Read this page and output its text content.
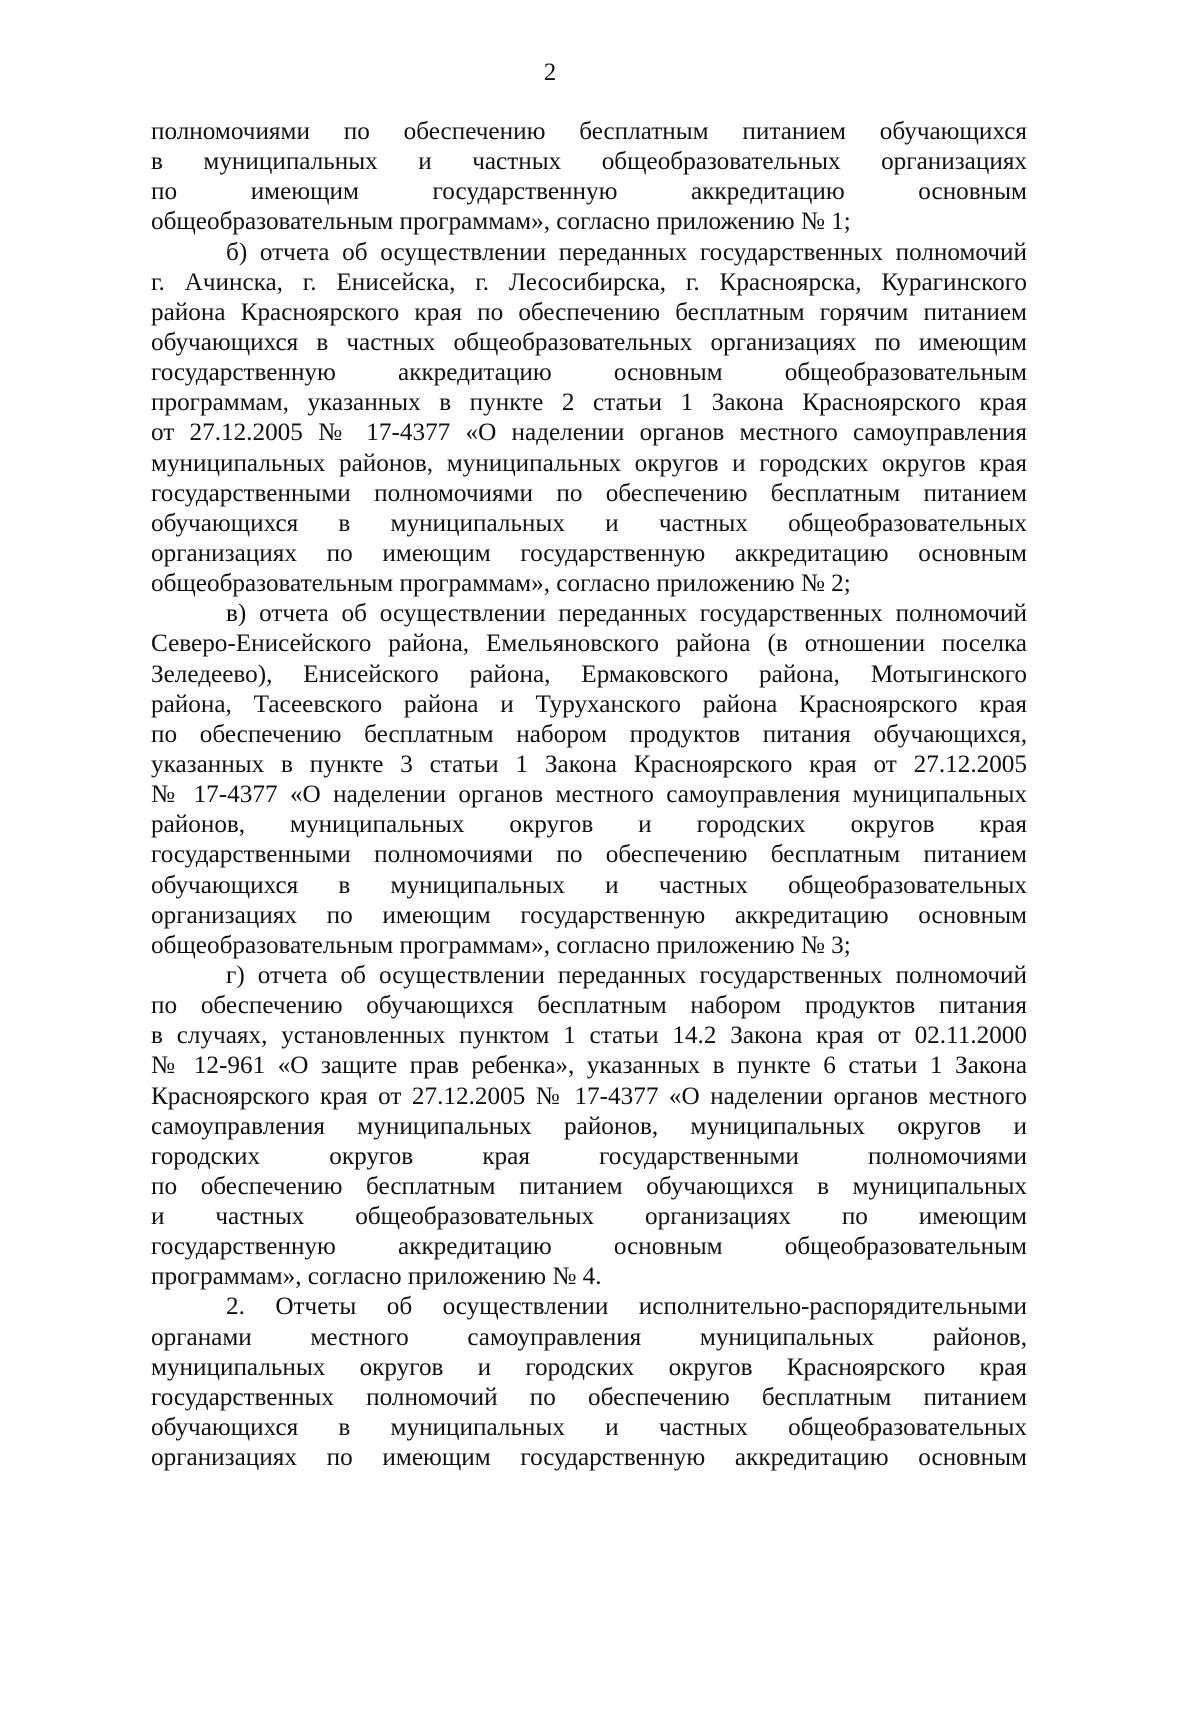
2
полномочиями по обеспечению бесплатным питанием обучающихся
в муниципальных и частных общеобразовательных организациях
по имеющим государственную аккредитацию основным
общеобразовательным программам», согласно приложению № 1;
б) отчета об осуществлении переданных государственных полномочий
г. Ачинска, г. Енисейска, г. Лесосибирска, г. Красноярска, Курагинского
района Красноярского края по обеспечению бесплатным горячим питанием
обучающихся в частных общеобразовательных организациях по имеющим
государственную аккредитацию основным общеобразовательным
программам, указанных в пункте 2 статьи 1 Закона Красноярского края
от 27.12.2005 № 17-4377 «О наделении органов местного самоуправления
муниципальных районов, муниципальных округов и городских округов края
государственными полномочиями по обеспечению бесплатным питанием
обучающихся в муниципальных и частных общеобразовательных
организациях по имеющим государственную аккредитацию основным
общеобразовательным программам», согласно приложению № 2;
в) отчета об осуществлении переданных государственных полномочий
Северо-Енисейского района, Емельяновского района (в отношении поселка
Зеледеево), Енисейского района, Ермаковского района, Мотыгинского
района, Тасеевского района и Туруханского района Красноярского края
по обеспечению бесплатным набором продуктов питания обучающихся,
указанных в пункте 3 статьи 1 Закона Красноярского края от 27.12.2005
№ 17-4377 «О наделении органов местного самоуправления муниципальных
районов, муниципальных округов и городских округов края
государственными полномочиями по обеспечению бесплатным питанием
обучающихся в муниципальных и частных общеобразовательных
организациях по имеющим государственную аккредитацию основным
общеобразовательным программам», согласно приложению № 3;
г) отчета об осуществлении переданных государственных полномочий
по обеспечению обучающихся бесплатным набором продуктов питания
в случаях, установленных пунктом 1 статьи 14.2 Закона края от 02.11.2000
№ 12-961 «О защите прав ребенка», указанных в пункте 6 статьи 1 Закона
Красноярского края от 27.12.2005 № 17-4377 «О наделении органов местного
самоуправления муниципальных районов, муниципальных округов и
городских округов края государственными полномочиями
по обеспечению бесплатным питанием обучающихся в муниципальных
и частных общеобразовательных организациях по имеющим
государственную аккредитацию основным общеобразовательным
программам», согласно приложению № 4.
2. Отчеты об осуществлении исполнительно-распорядительными
органами местного самоуправления муниципальных районов,
муниципальных округов и городских округов Красноярского края
государственных полномочий по обеспечению бесплатным питанием
обучающихся в муниципальных и частных общеобразовательных
организациях по имеющим государственную аккредитацию основным
